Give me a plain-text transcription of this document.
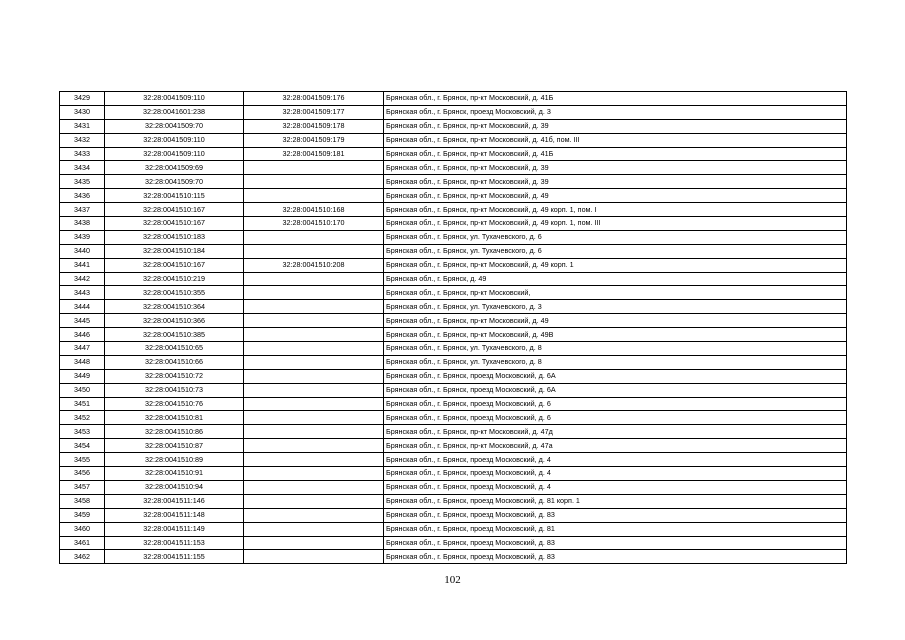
3429	32:28:0041509:110	32:28:0041509:176	Брянская обл., г. Брянск, пр-кт Московский, д. 41Б
3430	32:28:0041601:238	32:28:0041509:177	Брянская обл., г. Брянск, проезд Московский, д. 3
3431	32:28:0041509:70	32:28:0041509:178	Брянская обл., г. Брянск, пр-кт Московский, д. 39
3432	32:28:0041509:110	32:28:0041509:179	Брянская обл., г. Брянск, пр-кт Московский, д. 41б, пом. III
3433	32:28:0041509:110	32:28:0041509:181	Брянская обл., г. Брянск, пр-кт Московский, д. 41Б
3434	32:28:0041509:69		Брянская обл., г. Брянск, пр-кт Московский, д. 39
3435	32:28:0041509:70		Брянская обл., г. Брянск, пр-кт Московский, д. 39
3436	32:28:0041510:115		Брянская обл., г. Брянск, пр-кт Московский, д. 49
3437	32:28:0041510:167	32:28:0041510:168	Брянская обл., г. Брянск, пр-кт Московский, д. 49 корп. 1, пом. I
3438	32:28:0041510:167	32:28:0041510:170	Брянская обл., г. Брянск, пр-кт Московский, д. 49 корп. 1, пом. III
3439	32:28:0041510:183		Брянская обл., г. Брянск, ул. Тухачевского, д. 6
3440	32:28:0041510:184		Брянская обл., г. Брянск, ул. Тухачевского, д. 6
3441	32:28:0041510:167	32:28:0041510:208	Брянская обл., г. Брянск, пр-кт Московский, д. 49 корп. 1
3442	32:28:0041510:219		Брянская обл., г. Брянск, д. 49
3443	32:28:0041510:355		Брянская обл., г. Брянск, пр-кт Московский,
3444	32:28:0041510:364		Брянская обл., г. Брянск, ул. Тухачевского, д. 3
3445	32:28:0041510:366		Брянская обл., г. Брянск, пр-кт Московский, д. 49
3446	32:28:0041510:385		Брянская обл., г. Брянск, пр-кт Московский, д. 49В
3447	32:28:0041510:65		Брянская обл., г. Брянск, ул. Тухачевского, д. 8
3448	32:28:0041510:66		Брянская обл., г. Брянск, ул. Тухачевского, д. 8
3449	32:28:0041510:72		Брянская обл., г. Брянск, проезд Московский, д. 6А
3450	32:28:0041510:73		Брянская обл., г. Брянск, проезд Московский, д. 6А
3451	32:28:0041510:76		Брянская обл., г. Брянск, проезд Московский, д. 6
3452	32:28:0041510:81		Брянская обл., г. Брянск, проезд Московский, д. 6
3453	32:28:0041510:86		Брянская обл., г. Брянск, пр-кт Московский, д. 47д
3454	32:28:0041510:87		Брянская обл., г. Брянск, пр-кт Московский, д. 47а
3455	32:28:0041510:89		Брянская обл., г. Брянск, проезд Московский, д. 4
3456	32:28:0041510:91		Брянская обл., г. Брянск, проезд Московский, д. 4
3457	32:28:0041510:94		Брянская обл., г. Брянск, проезд Московский, д. 4
3458	32:28:0041511:146		Брянская обл., г. Брянск, проезд Московский, д. 81 корп. 1
3459	32:28:0041511:148		Брянская обл., г. Брянск, проезд Московский, д. 83
3460	32:28:0041511:149		Брянская обл., г. Брянск, проезд Московский, д. 81
3461	32:28:0041511:153		Брянская обл., г. Брянск, проезд Московский, д. 83
3462	32:28:0041511:155		Брянская обл., г. Брянск, проезд Московский, д. 83
102
